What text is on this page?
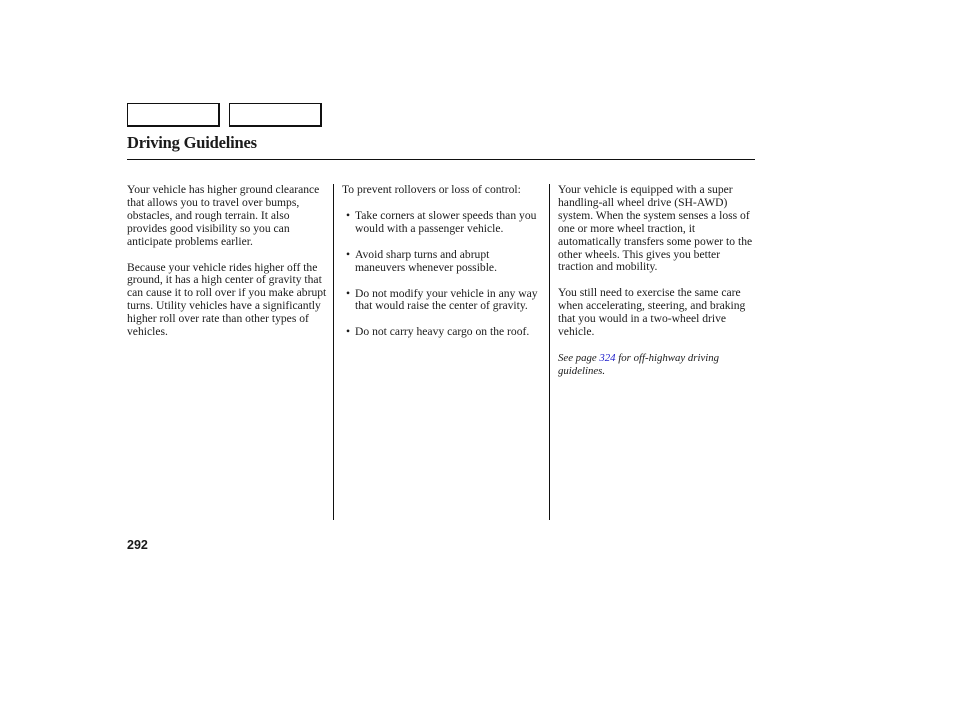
Driving Guidelines

Your vehicle has higher ground clearance that allows you to travel over bumps, obstacles, and rough terrain. It also provides good visibility so you can anticipate problems earlier.

Because your vehicle rides higher off the ground, it has a high center of gravity that can cause it to roll over if you make abrupt turns. Utility vehicles have a significantly higher roll over rate than other types of vehicles.

To prevent rollovers or loss of control:

• Take corners at slower speeds than you would with a passenger vehicle.
• Avoid sharp turns and abrupt maneuvers whenever possible.
• Do not modify your vehicle in any way that would raise the center of gravity.
• Do not carry heavy cargo on the roof.

Your vehicle is equipped with a super handling-all wheel drive (SH-AWD) system. When the system senses a loss of one or more wheel traction, it automatically transfers some power to the other wheels. This gives you better traction and mobility.

You still need to exercise the same care when accelerating, steering, and braking that you would in a two-wheel drive vehicle.

See page 324 for off-highway driving guidelines.

292
